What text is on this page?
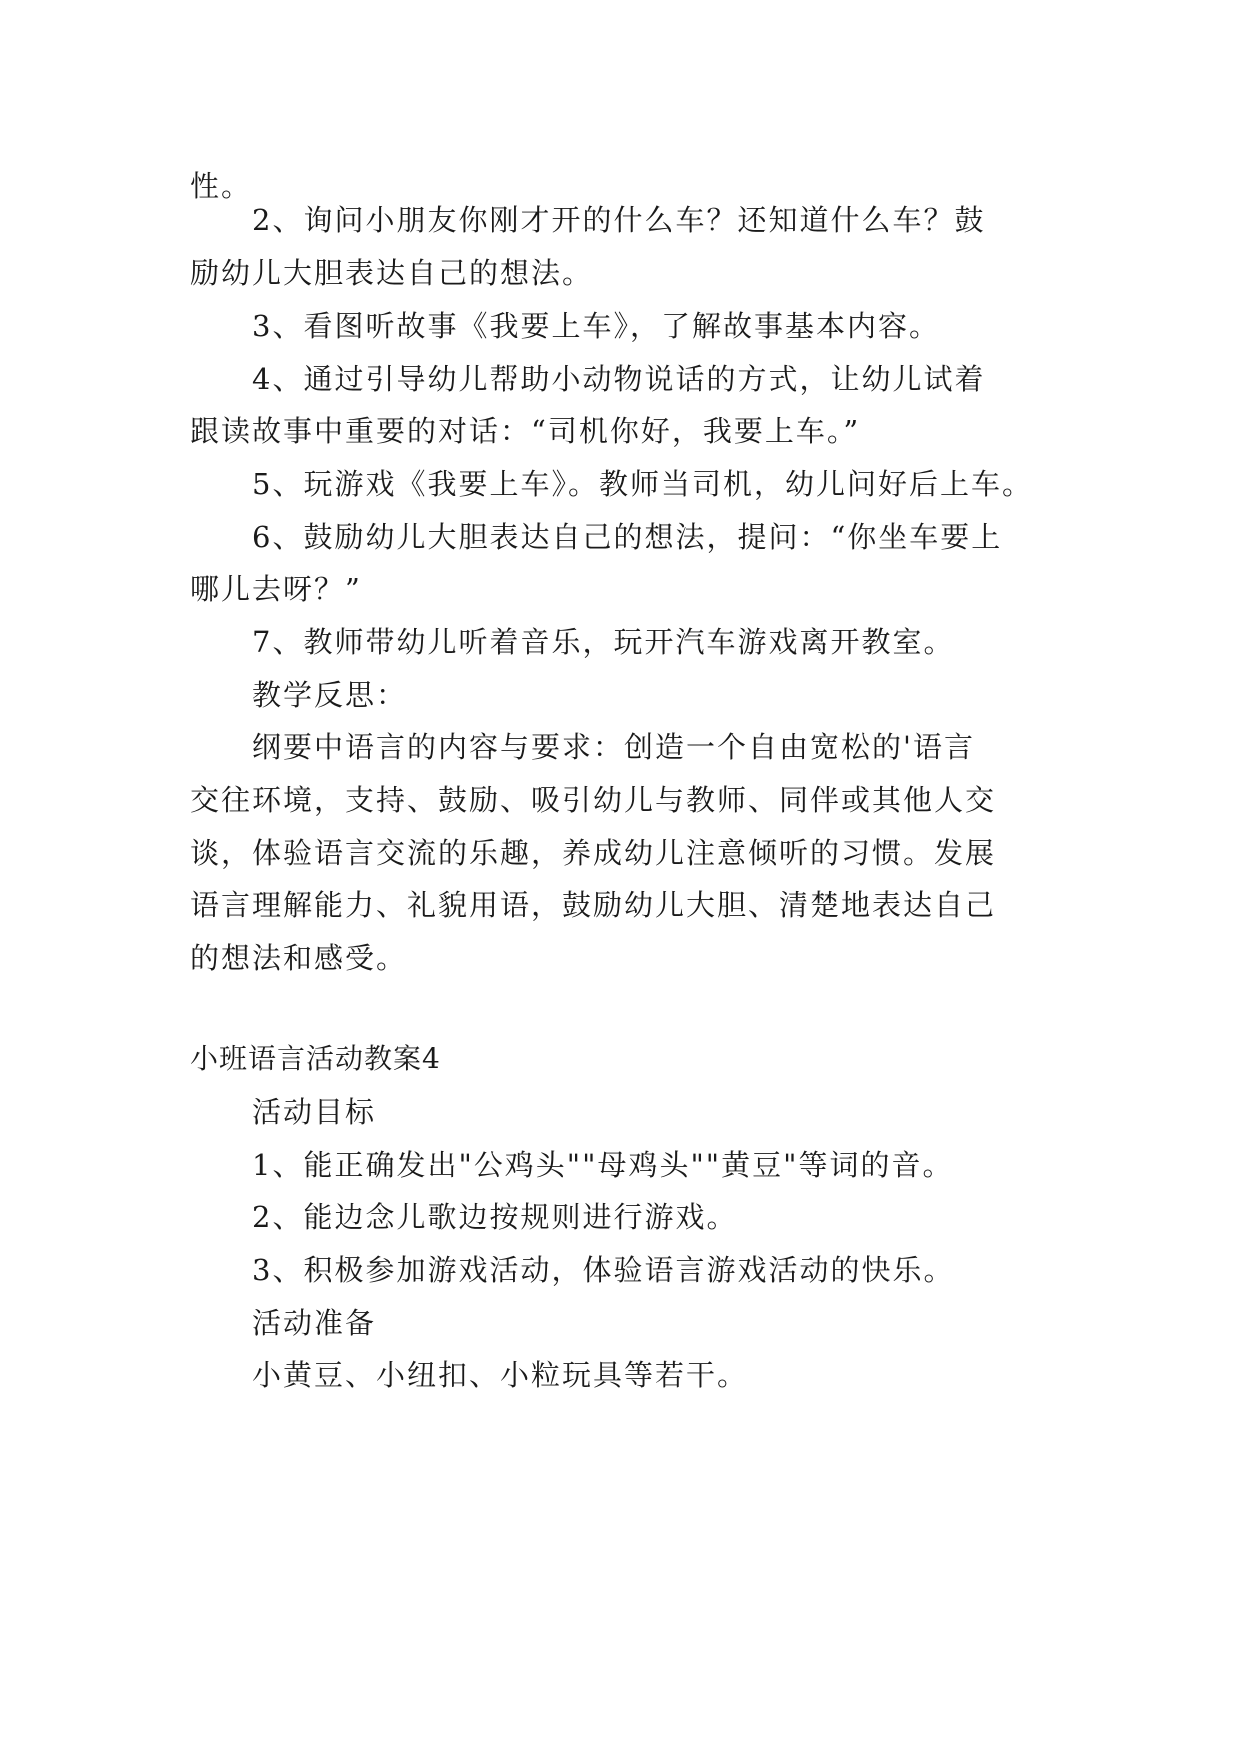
性。
2、询问小朋友你刚才开的什么车？还知道什么车？鼓
励幼儿大胆表达自己的想法。
3、看图听故事《我要上车》，了解故事基本内容。
4、通过引导幼儿帮助小动物说话的方式，让幼儿试着
跟读故事中重要的对话：“司机你好，我要上车。”
5、玩游戏《我要上车》。教师当司机，幼儿问好后上车。
6、鼓励幼儿大胆表达自己的想法，提问：“你坐车要上
哪儿去呀？”
7、教师带幼儿听着音乐，玩开汽车游戏离开教室。
教学反思：
纲要中语言的内容与要求：创造一个自由宽松的'语言
交往环境，支持、鼓励、吸引幼儿与教师、同伴或其他人交
谈，体验语言交流的乐趣，养成幼儿注意倾听的习惯。发展
语言理解能力、礼貌用语，鼓励幼儿大胆、清楚地表达自己
的想法和感受。
小班语言活动教案4
活动目标
1、能正确发出"公鸡头""母鸡头""黄豆"等词的音。
2、能边念儿歌边按规则进行游戏。
3、积极参加游戏活动，体验语言游戏活动的快乐。
活动准备
小黄豆、小纽扣、小粒玩具等若干。
